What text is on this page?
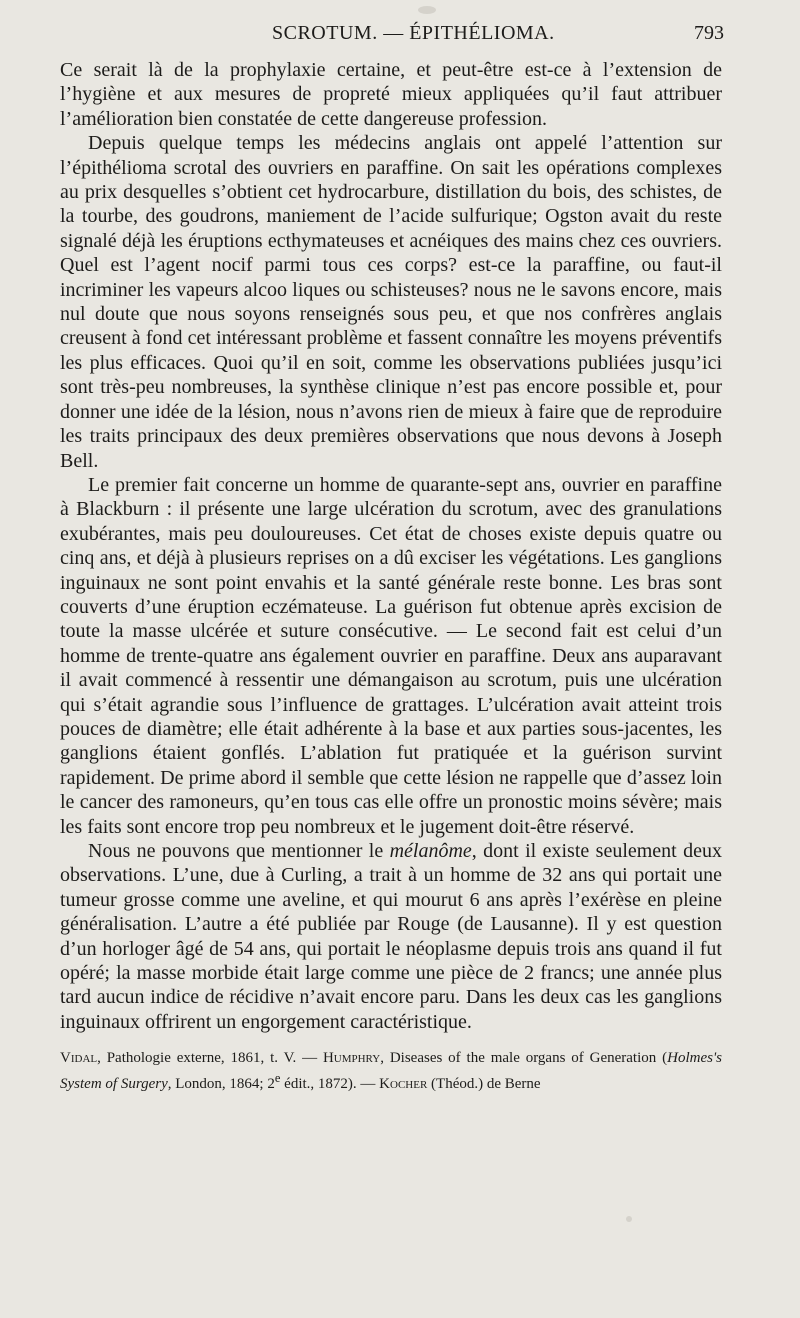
SCROTUM. — ÉPITHÉLIOMA.	793

Ce serait là de la prophylaxie certaine, et peut-être est-ce à l’extension de l’hygiène et aux mesures de propreté mieux appliquées qu’il faut attribuer l’amélioration bien constatée de cette dangereuse profession.

Depuis quelque temps les médecins anglais ont appelé l’attention sur l’épithélioma scrotal des ouvriers en paraffine. On sait les opérations complexes au prix desquelles s’obtient cet hydrocarbure, distillation du bois, des schistes, de la tourbe, des goudrons, maniement de l’acide sulfurique; Ogston avait du reste signalé déjà les éruptions ecthymateuses et acnéiques des mains chez ces ouvriers. Quel est l’agent nocif parmi tous ces corps? est-ce la paraffine, ou faut-il incriminer les vapeurs alcoo liques ou schisteuses? nous ne le savons encore, mais nul doute que nous soyons renseignés sous peu, et que nos confrères anglais creusent à fond cet intéressant problème et fassent connaître les moyens préventifs les plus efficaces. Quoi qu’il en soit, comme les observations publiées jusqu’ici sont très-peu nombreuses, la synthèse clinique n’est pas encore possible et, pour donner une idée de la lésion, nous n’avons rien de mieux à faire que de reproduire les traits principaux des deux premières observations que nous devons à Joseph Bell.

Le premier fait concerne un homme de quarante-sept ans, ouvrier en paraffine à Blackburn : il présente une large ulcération du scrotum, avec des granulations exubérantes, mais peu douloureuses. Cet état de choses existe depuis quatre ou cinq ans, et déjà à plusieurs reprises on a dû exciser les végétations. Les ganglions inguinaux ne sont point envahis et la santé générale reste bonne. Les bras sont couverts d’une éruption eczémateuse. La guérison fut obtenue après excision de toute la masse ulcérée et suture consécutive. — Le second fait est celui d’un homme de trente-quatre ans également ouvrier en paraffine. Deux ans auparavant il avait commencé à ressentir une démangaison au scrotum, puis une ulcération qui s’était agrandie sous l’influence de grattages. L’ulcération avait atteint trois pouces de diamètre; elle était adhérente à la base et aux parties sous-jacentes, les ganglions étaient gonflés. L’ablation fut pratiquée et la guérison survint rapidement. De prime abord il semble que cette lésion ne rappelle que d’assez loin le cancer des ramoneurs, qu’en tous cas elle offre un pronostic moins sévère; mais les faits sont encore trop peu nombreux et le jugement doit-être réservé.

Nous ne pouvons que mentionner le mélanôme, dont il existe seulement deux observations. L’une, due à Curling, a trait à un homme de 32 ans qui portait une tumeur grosse comme une aveline, et qui mourut 6 ans après l’exérèse en pleine généralisation. L’autre a été publiée par Rouge (de Lausanne). Il y est question d’un horloger âgé de 54 ans, qui portait le néoplasme depuis trois ans quand il fut opéré; la masse morbide était large comme une pièce de 2 francs; une année plus tard aucun indice de récidive n’avait encore paru. Dans les deux cas les ganglions inguinaux offrirent un engorgement caractéristique.

Vidal, Pathologie externe, 1861, t. V. — Humphry, Diseases of the male organs of Generation (Holmes's System of Surgery, London, 1864; 2e édit., 1872). — Kocher (Théod.) de Berne
